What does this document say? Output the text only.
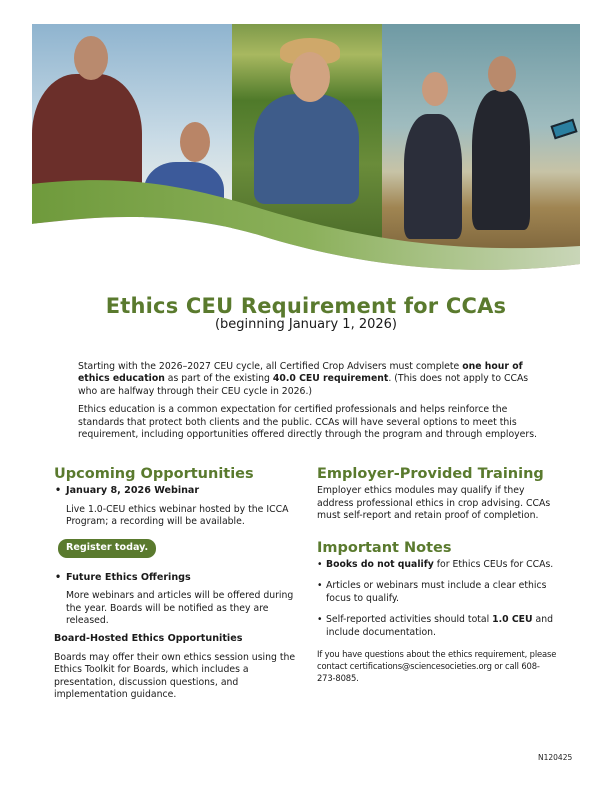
Ethics CEU Requirement for CCAs
(beginning January 1, 2026)

Starting with the 2026–2027 CEU cycle, all Certified Crop Advisers must complete one hour of ethics education as part of the existing 40.0 CEU requirement. (This does not apply to CCAs who are halfway through their CEU cycle in 2026.)

Ethics education is a common expectation for certified professionals and helps reinforce the standards that protect both clients and the public. CCAs will have several options to meet this requirement, including opportunities offered directly through the program and through employers.

Upcoming Opportunities
• January 8, 2026 Webinar
Live 1.0-CEU ethics webinar hosted by the ICCA Program; a recording will be available.
Register today.
• Future Ethics Offerings
More webinars and articles will be offered during the year. Boards will be notified as they are released.
Board-Hosted Ethics Opportunities
Boards may offer their own ethics session using the Ethics Toolkit for Boards, which includes a presentation, discussion questions, and implementation guidance.
Employer-Provided Training
Employer ethics modules may qualify if they address professional ethics in crop advising. CCAs must self-report and retain proof of completion.
Important Notes
• Books do not qualify for Ethics CEUs for CCAs.
• Articles or webinars must include a clear ethics focus to qualify.
• Self-reported activities should total 1.0 CEU and include documentation.
If you have questions about the ethics requirement, please contact certifications@sciencesocieties.org or call 608-273-8085.
N120425
